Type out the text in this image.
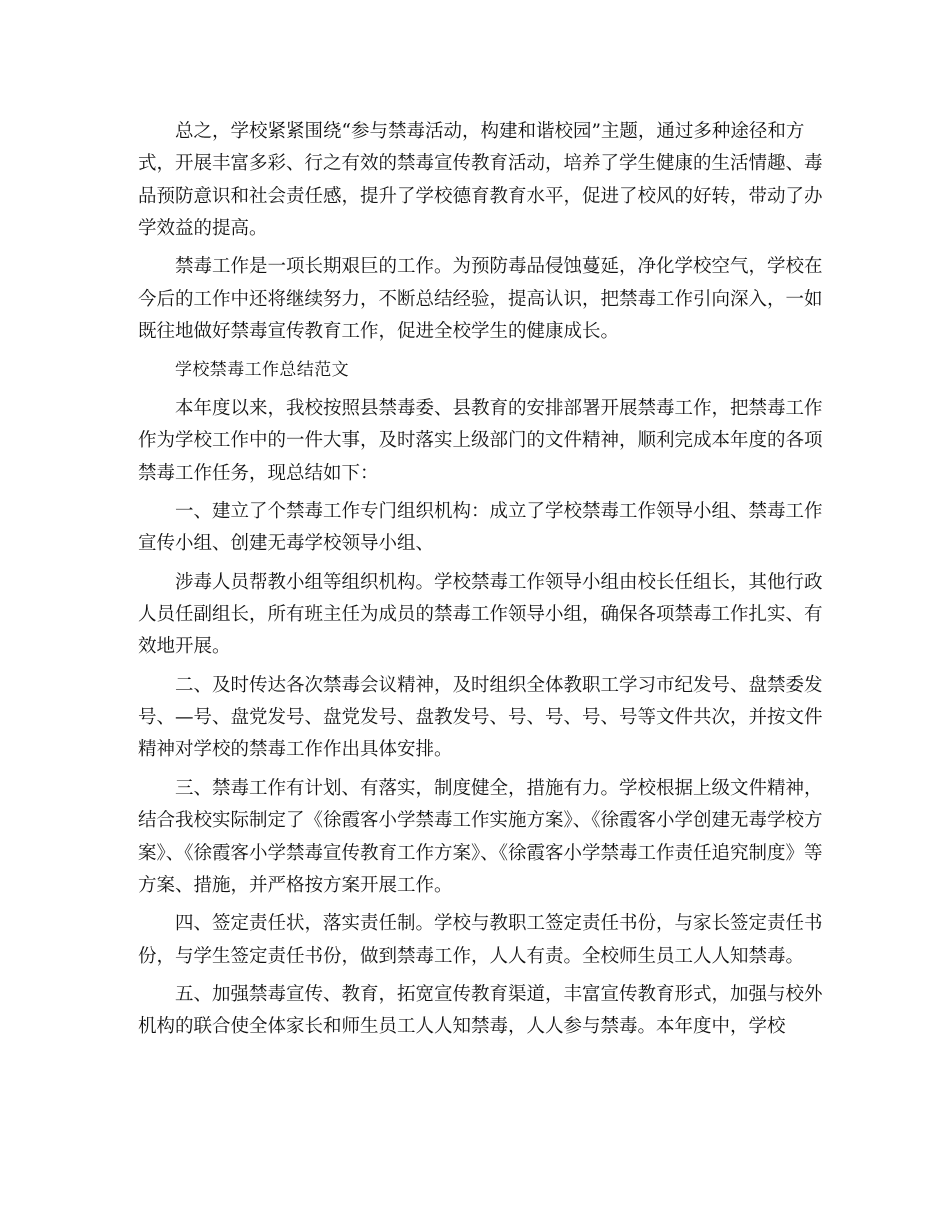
总之，学校紧紧围绕“参与禁毒活动，构建和谐校园”主题，通过多种途径和方式，开展丰富多彩、行之有效的禁毒宣传教育活动，培养了学生健康的生活情趣、毒品预防意识和社会责任感，提升了学校德育教育水平，促进了校风的好转，带动了办学效益的提高。

禁毒工作是一项长期艰巨的工作。为预防毒品侵蚀蔓延，净化学校空气，学校在今后的工作中还将继续努力，不断总结经验，提高认识，把禁毒工作引向深入，一如既往地做好禁毒宣传教育工作，促进全校学生的健康成长。

学校禁毒工作总结范文

本年度以来，我校按照县禁毒委、县教育的安排部署开展禁毒工作，把禁毒工作作为学校工作中的一件大事，及时落实上级部门的文件精神，顺利完成本年度的各项禁毒工作任务，现总结如下：

一、建立了个禁毒工作专门组织机构：成立了学校禁毒工作领导小组、禁毒工作宣传小组、创建无毒学校领导小组、

涉毒人员帮教小组等组织机构。学校禁毒工作领导小组由校长任组长，其他行政人员任副组长，所有班主任为成员的禁毒工作领导小组，确保各项禁毒工作扎实、有效地开展。

二、及时传达各次禁毒会议精神，及时组织全体教职工学习市纪发号、盘禁委发号、—号、盘党发号、盘党发号、盘教发号、号、号、号、号等文件共次，并按文件精神对学校的禁毒工作作出具体安排。

三、禁毒工作有计划、有落实，制度健全，措施有力。学校根据上级文件精神，结合我校实际制定了《徐霞客小学禁毒工作实施方案》、《徐霞客小学创建无毒学校方案》、《徐霞客小学禁毒宣传教育工作方案》、《徐霞客小学禁毒工作责任追究制度》等方案、措施，并严格按方案开展工作。

四、签定责任状，落实责任制。学校与教职工签定责任书份，与家长签定责任书份，与学生签定责任书份，做到禁毒工作，人人有责。全校师生员工人人知禁毒。

五、加强禁毒宣传、教育，拓宽宣传教育渠道，丰富宣传教育形式，加强与校外机构的联合使全体家长和师生员工人人知禁毒，人人参与禁毒。本年度中，学校
